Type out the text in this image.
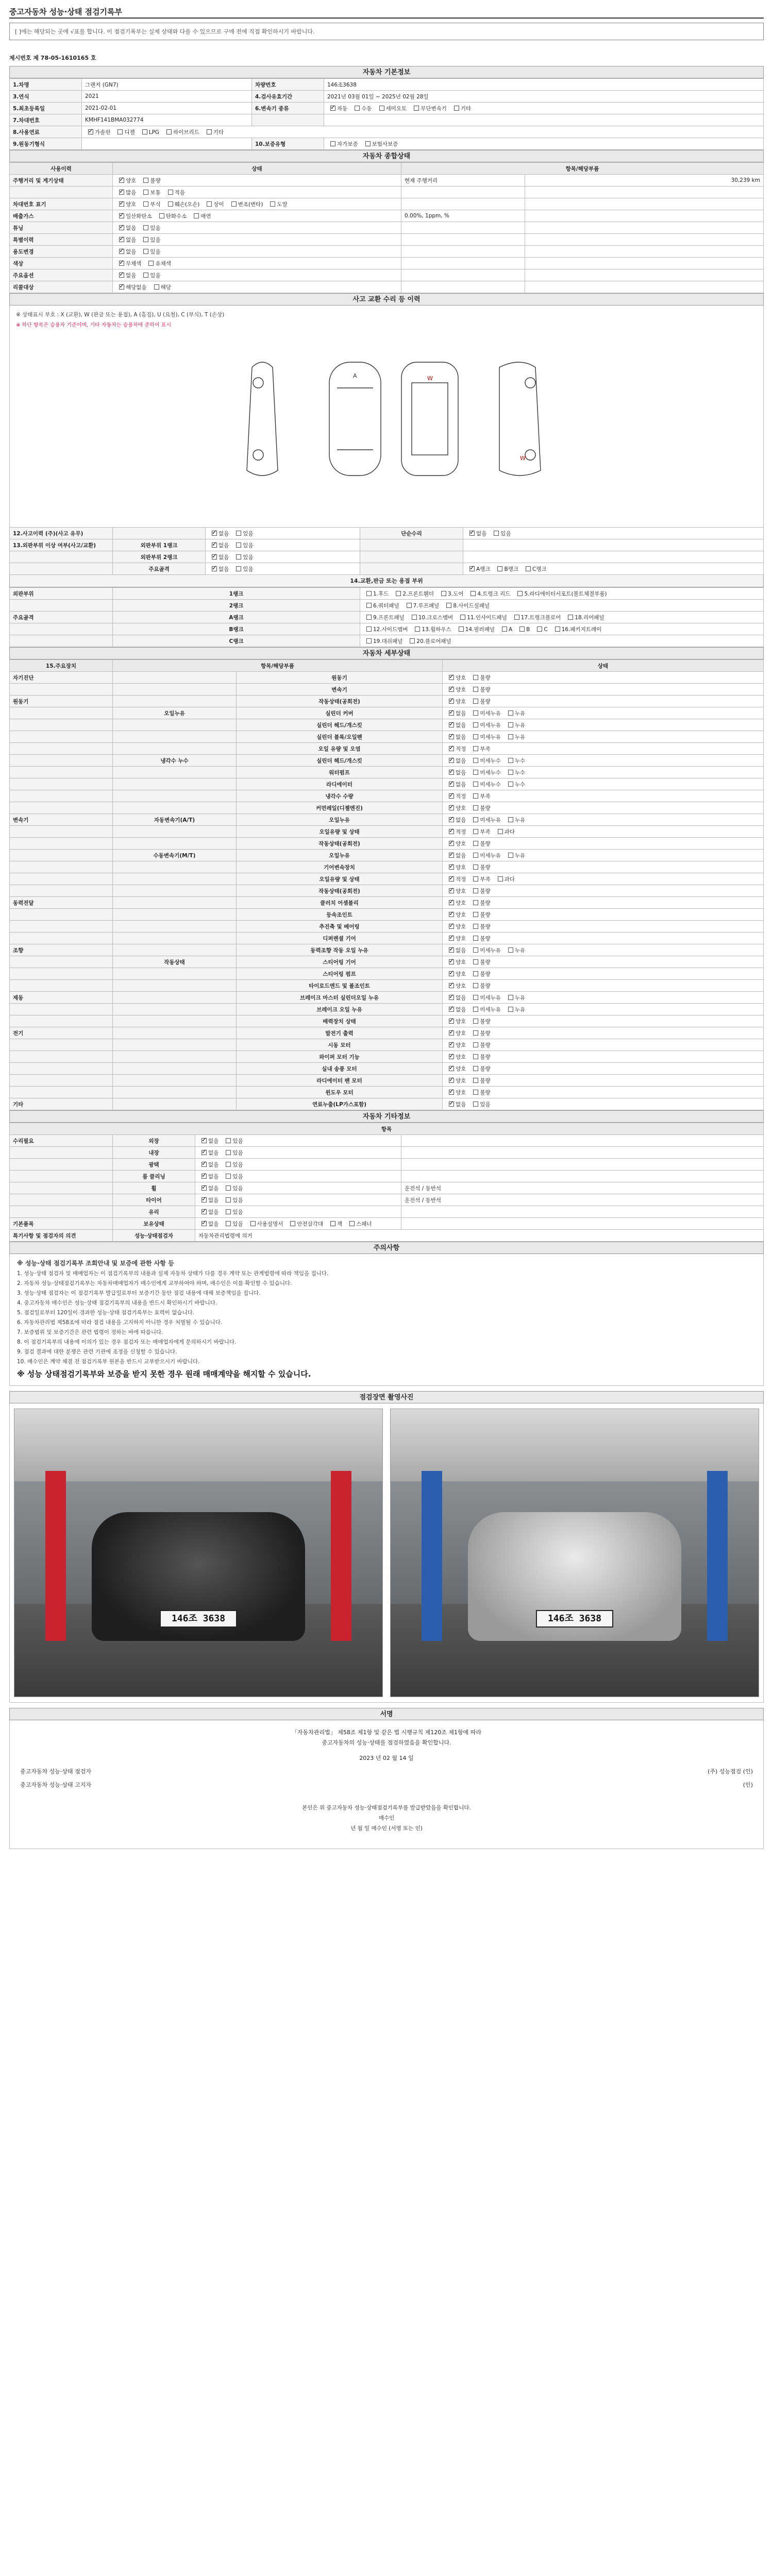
중고자동차 성능·상태 점검기록부
[ ]에는 해당되는 곳에 √표를 합니다. 이 점검기록부는 실제 상태와 다를 수 있으므로 구매 전에 직접 확인하시기 바랍니다.
제시번호 제 78-05-1610165 호
자동차 기본정보
1.차명	그랜저 (GN7)	차량번호	146조3638
3.연식	2021	4.검사유효기간	2021년 03월 01일 ~ 2025년 02월 28일
5.최초등록일	2021-02-01	6.변속기 종류	✓자동 수동 세미오토 무단변속기 기타
7.차대번호	KMHF141BMA032774		
8.사용연료	✓가솔린 디젤 LPG 하이브리드 기타
9.원동기형식		10.보증유형	자가보증 보험사보증
자동차 종합상태
사용이력	상태	항목/해당부품	
주행거리 및 계기상태	✓양호 불량	현재 주행거리	30,239 km
	✓많음 보통 적음		
차대번호 표기	✓양호 부식 훼손(오손) 상이 변조(변타) 도말		
배출가스	✓일산화탄소 탄화수소 매연	0.00%, 1ppm, %	
튜닝	✓없음 있음		
특별이력	✓없음 있음		
용도변경	✓없음 있음		
색상	✓무채색 유채색		
주요옵션	✓없음 있음		
리콜대상	✓해당없음 해당		
사고 교환 수리 등 이력
※ 상태표시 부호 : X (교환), W (판금 또는 용접), A (흠집), U (요철), C (부식), T (손상)
※ 하단 항목은 승용차 기준이며, 기타 자동차는 승용차에 준하여 표시
A	W
W
12.사고이력 (주)(사고 유무)		✓없음 있음	단순수리	✓없음 있음
13.외판부위 이상 여부(사고/교환)	외판부위 1랭크	✓없음 있음		
	외판부위 2랭크	✓없음 있음		
	주요골격	✓없음 있음		✓A랭크 B랭크 C랭크
14.교환,판금 또는 용접 부위
외판부위	1랭크	1.후드 2.프론트휀더 3.도어 4.트렁크 리드 5.라디에이터서포트(볼트체결부품)
	2랭크	6.쿼터패널 7.루프패널 8.사이드실패널
주요골격	A랭크	9.프론트패널 10.크로스멤버 11.인사이드패널 17.트렁크플로어 18.리어패널
	B랭크	12.사이드멤버 13.휠하우스 14.필러패널 A B C 16.패키지트레이
	C랭크	19.대쉬패널 20.플로어패널
자동차 세부상태
15.주요장치	항목/해당부품		상태
자기진단		원동기	✓양호 불량
		변속기	✓양호 불량
원동기		작동상태(공회전)	✓양호 불량
	오일누유	실린더 커버	✓없음 미세누유 누유
		실린더 헤드/개스킷	✓없음 미세누유 누유
		실린더 블록/오일팬	✓없음 미세누유 누유
		오일 유량 및 오염	✓적정 부족
	냉각수 누수	실린더 헤드/개스킷	✓없음 미세누수 누수
		워터펌프	✓없음 미세누수 누수
		라디에이터	✓없음 미세누수 누수
		냉각수 수량	✓적정 부족
		커먼레일(디젤엔진)	✓양호 불량
변속기	자동변속기(A/T)	오일누유	✓없음 미세누유 누유
		오일유량 및 상태	✓적정 부족 과다
		작동상태(공회전)	✓양호 불량
	수동변속기(M/T)	오일누유	✓없음 미세누유 누유
		기어변속장치	✓양호 불량
		오일유량 및 상태	✓적정 부족 과다
		작동상태(공회전)	✓양호 불량
동력전달		클러치 어셈블리	✓양호 불량
		등속조인트	✓양호 불량
		추진축 및 베어링	✓양호 불량
		디퍼렌셜 기어	✓양호 불량
조향		동력조향 작동 오일 누유	✓없음 미세누유 누유
	작동상태	스티어링 기어	✓양호 불량
		스티어링 펌프	✓양호 불량
		타이로드엔드 및 볼조인트	✓양호 불량
제동		브레이크 마스터 실린더오일 누유	✓없음 미세누유 누유
		브레이크 오일 누유	✓없음 미세누유 누유
		배력장치 상태	✓양호 불량
전기		발전기 출력	✓양호 불량
		시동 모터	✓양호 불량
		와이퍼 모터 기능	✓양호 불량
		실내 송풍 모터	✓양호 불량
		라디에이터 팬 모터	✓양호 불량
		윈도우 모터	✓양호 불량
기타		연료누출(LP가스포함)	✓없음 있음
자동차 기타정보
항목			
수리필요	외장	✓없음 있음	
	내장	✓없음 있음	
	광택	✓없음 있음	
	룸 클리닝	✓없음 있음	
	휠	✓없음 있음	운전석 / 동반석
	타이어	✓없음 있음	운전석 / 동반석
	유리	✓없음 있음	
기본품목	보유상태	✓없음 있음 사용설명서 안전삼각대 잭 스패너	
특기사항 및 점검자의 의견	성능·상태점검자	자동차관리법령에 의거	
주의사항
※ 성능·상태 점검기록부 조회안내 및 보증에 관한 사항 등

1. 성능·상태 점검자 및 매매업자는 이 점검기록부의 내용과 실제 자동차 상태가 다를 경우 계약 또는 관계법령에 따라 책임을 집니다.

2. 자동차 성능·상태점검기록부는 자동차매매업자가 매수인에게 교부하여야 하며, 매수인은 이를 확인할 수 있습니다.

3. 성능·상태 점검자는 이 점검기록부 발급일로부터 보증기간 동안 점검 내용에 대해 보증책임을 집니다.

4. 중고자동차 매수인은 성능·상태 점검기록부의 내용을 반드시 확인하시기 바랍니다.

5. 점검일로부터 120일이 경과한 성능·상태 점검기록부는 효력이 없습니다.

6. 자동차관리법 제58조에 따라 점검 내용을 고지하지 아니한 경우 처벌될 수 있습니다.

7. 보증범위 및 보증기간은 관련 법령이 정하는 바에 따릅니다.

8. 이 점검기록부의 내용에 이의가 있는 경우 점검자 또는 매매업자에게 문의하시기 바랍니다.

9. 점검 결과에 대한 분쟁은 관련 기관에 조정을 신청할 수 있습니다.

10. 매수인은 계약 체결 전 점검기록부 원본을 반드시 교부받으시기 바랍니다.

※ 성능 상태점검기록부와 보증을 받지 못한 경우 원래 매매계약을 해지할 수 있습니다.
점검장면 촬영사진
146조 3638	146조 3638
서명
「자동차관리법」 제58조 제1항 및 같은 법 시행규칙 제120조 제1항에 따라
중고자동차의 성능·상태를 점검하였음을 확인합니다.
2023 년 02 월 14 일
중고자동차 성능·상태 점검자	(주) 성능점검 (인)
중고자동차 성능·상태 고지자	(인)
본인은 위 중고자동차 성능·상태점검기록부를 발급받았음을 확인합니다.
매수인
년 월 일 매수인 (서명 또는 인)
